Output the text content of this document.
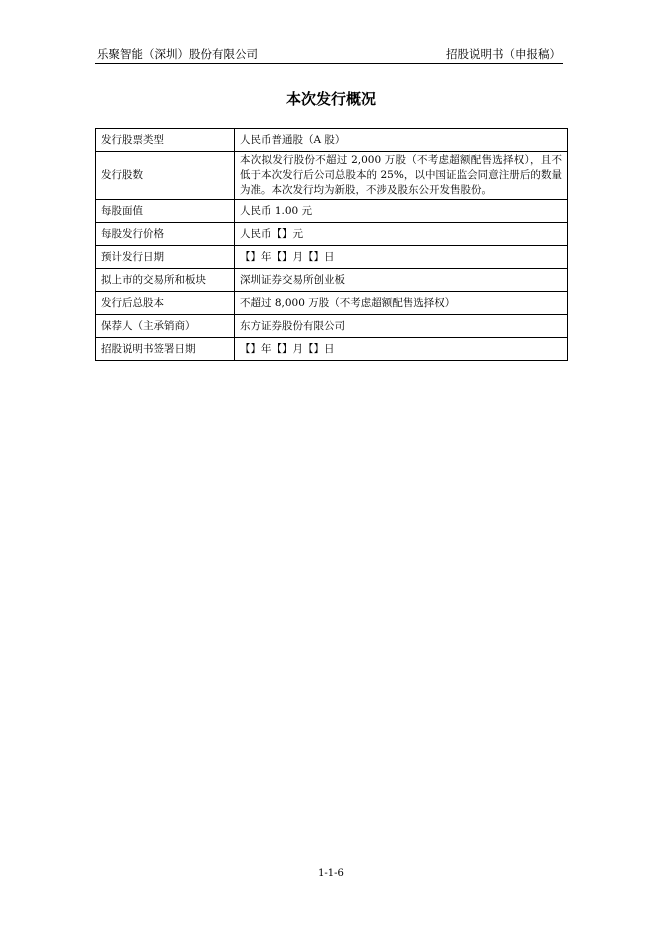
乐聚智能（深圳）股份有限公司	招股说明书（申报稿）
本次发行概况
发行股票类型	人民币普通股（A 股）
发行股数	本次拟发行股份不超过 2,000 万股（不考虑超额配售选择权），且不低于本次发行后公司总股本的 25%，以中国证监会同意注册后的数量为准。本次发行均为新股，不涉及股东公开发售股份。
每股面值	人民币 1.00 元
每股发行价格	人民币【】元
预计发行日期	【】年【】月【】日
拟上市的交易所和板块	深圳证券交易所创业板
发行后总股本	不超过 8,000 万股（不考虑超额配售选择权）
保荐人（主承销商）	东方证券股份有限公司
招股说明书签署日期	【】年【】月【】日
1-1-6
